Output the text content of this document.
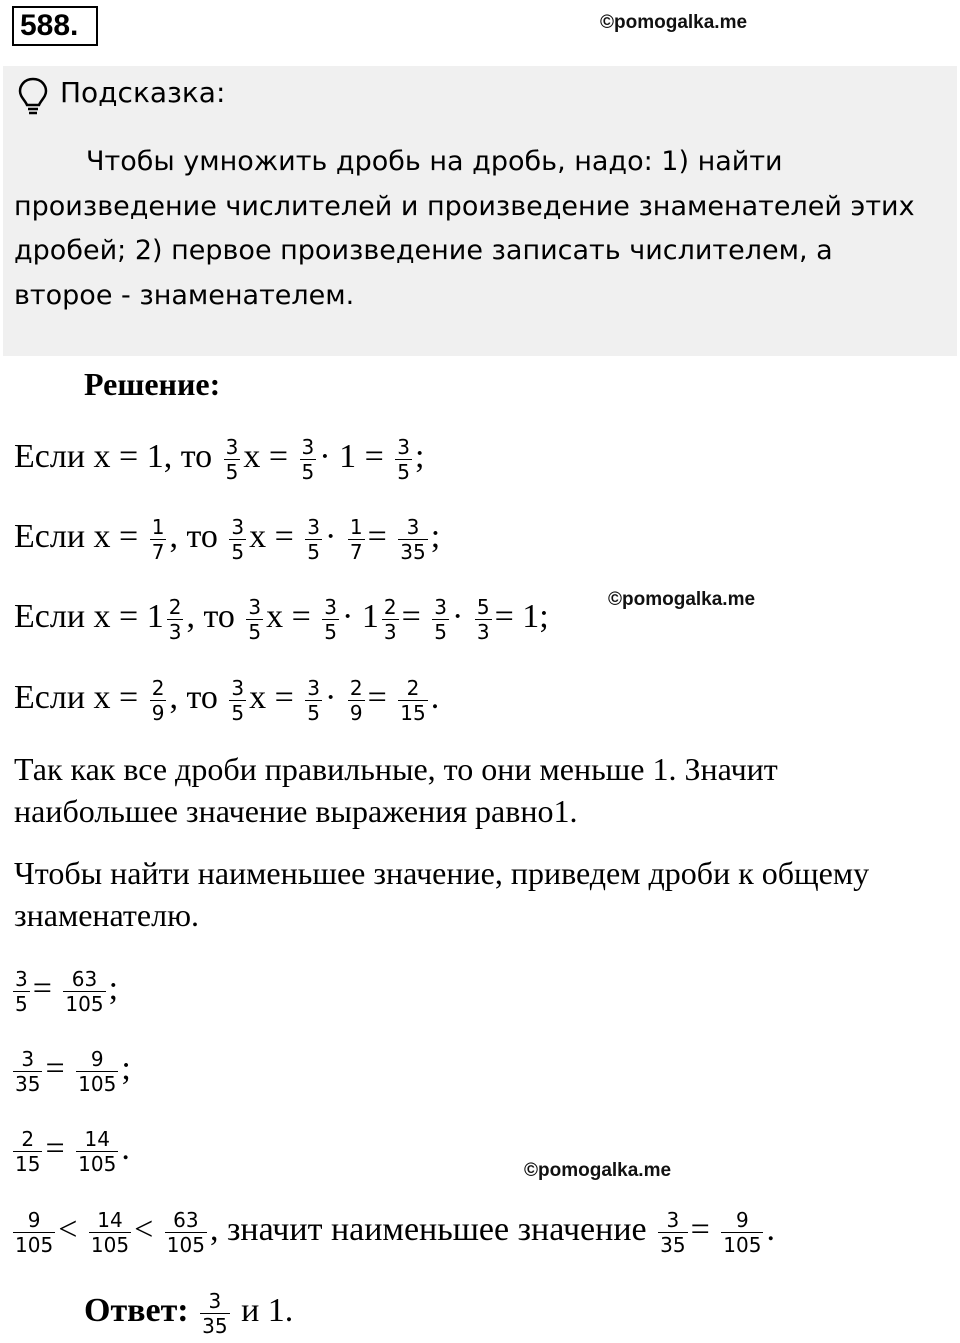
588.	©pomogalka.me
Подсказка:
Чтобы умножить дробь на дробь, надо: 1) найти произведение числителей и произведение знаменателей этих дробей; 2) первое произведение записать числителем, а второе - знаменателем.
Решение:
Если x = 1, то $\frac{3}{5}$ $x = \frac{3}{5} \cdot 1 = \frac{3}{5}$ ;
Если $x = \frac{1}{7}$ , то $\frac{3}{5}$ $x = \frac{3}{5} \cdot \frac{1}{7} = \frac{3}{35}$ ;
Если $x = 1 \frac{2}{3}$ , то $\frac{3}{5}$ $x = \frac{3}{5} \cdot 1 \frac{2}{3} = \frac{3}{5} \cdot \frac{5}{3} = 1$;	©pomogalka.me
Если $x = \frac{2}{9}$ , то $\frac{3}{5}$ $x = \frac{3}{5} \cdot \frac{2}{9} = \frac{2}{15}$ .
Так как все дроби правильные, то они меньше 1. Значит наибольшее значение выражения равно1.
Чтобы найти наименьшее значение, приведем дроби к общему знаменателю.
$\frac{3}{5} = \frac{63}{105}$ ;
$\frac{3}{35} = \frac{9}{105}$ ;
$\frac{2}{15} = \frac{14}{105}$ .
©pomogalka.me
$\frac{9}{105} < \frac{14}{105} < \frac{63}{105}$ , значит наименьшее значение $\frac{3}{35} = \frac{9}{105}$ .
Ответ: $\frac{3}{35}$ и 1.
